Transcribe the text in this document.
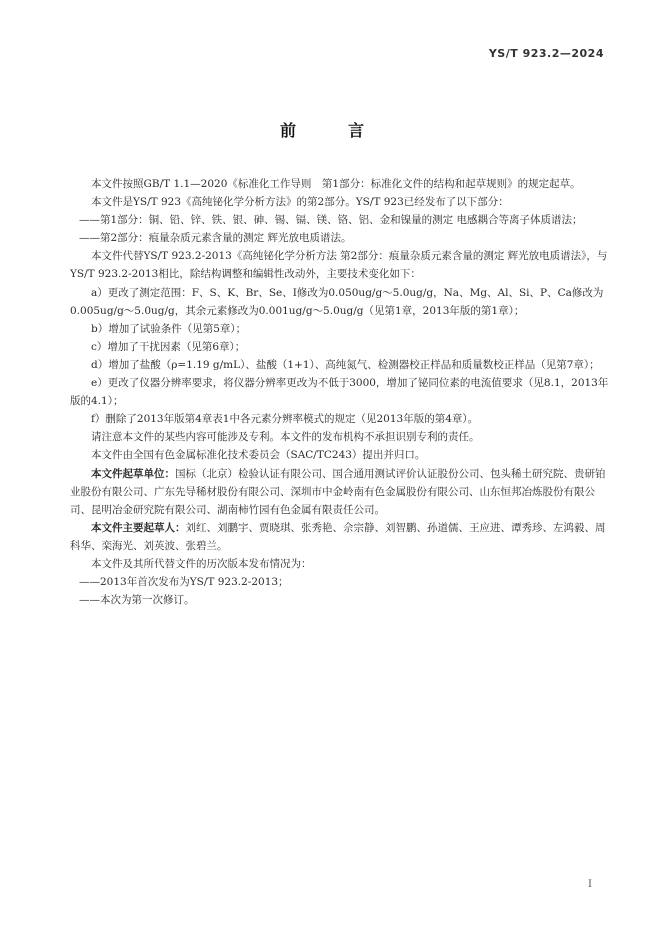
YS/T 923.2—2024
前　言

本文件按照GB/T 1.1—2020《标准化工作导则　第1部分：标准化文件的结构和起草规则》的规定起草。

本文件是YS/T 923《高纯铋化学分析方法》的第2部分。YS/T 923已经发布了以下部分：

——第1部分：铜、铅、锌、铁、银、砷、锡、镉、镁、铬、铝、金和镍量的测定 电感耦合等离子体质谱法；

——第2部分：痕量杂质元素含量的测定 辉光放电质谱法。

本文件代替YS/T 923.2-2013《高纯铋化学分析方法 第2部分：痕量杂质元素含量的测定 辉光放电质谱法》，与YS/T 923.2-2013相比，除结构调整和编辑性改动外，主要技术变化如下：

a）更改了测定范围：F、S、K、Br、Se、I修改为0.050ug/g～5.0ug/g，Na、Mg、Al、Si、P、Ca修改为0.005ug/g～5.0ug/g，其余元素修改为0.001ug/g～5.0ug/g（见第1章，2013年版的第1章）；

b）增加了试验条件（见第5章）；

c）增加了干扰因素（见第6章）；

d）增加了盐酸（ρ=1.19 g/mL）、盐酸（1+1）、高纯氮气、检测器校正样品和质量数校正样品（见第7章）；

e）更改了仪器分辨率要求，将仪器分辨率更改为不低于3000，增加了铋同位素的电流值要求（见8.1，2013年版的4.1）；

f）删除了2013年版第4章表1中各元素分辨率模式的规定（见2013年版的第4章）。

请注意本文件的某些内容可能涉及专利。本文件的发布机构不承担识别专利的责任。

本文件由全国有色金属标准化技术委员会（SAC/TC243）提出并归口。

本文件起草单位：国标（北京）检验认证有限公司、国合通用测试评价认证股份公司、包头稀土研究院、贵研铂业股份有限公司、广东先导稀材股份有限公司、深圳市中金岭南有色金属股份有限公司、山东恒邦冶炼股份有限公司、昆明冶金研究院有限公司、湖南柿竹园有色金属有限责任公司。

本文件主要起草人：刘红、刘鹏宇、贾晓琪、张秀艳、佘宗静、刘智鹏、孙道儒、王应进、谭秀珍、左鸿毅、周科华、栾海光、刘英波、张碧兰。

本文件及其所代替文件的历次版本发布情况为：

——2013年首次发布为YS/T 923.2-2013；

——本次为第一次修订。

I
